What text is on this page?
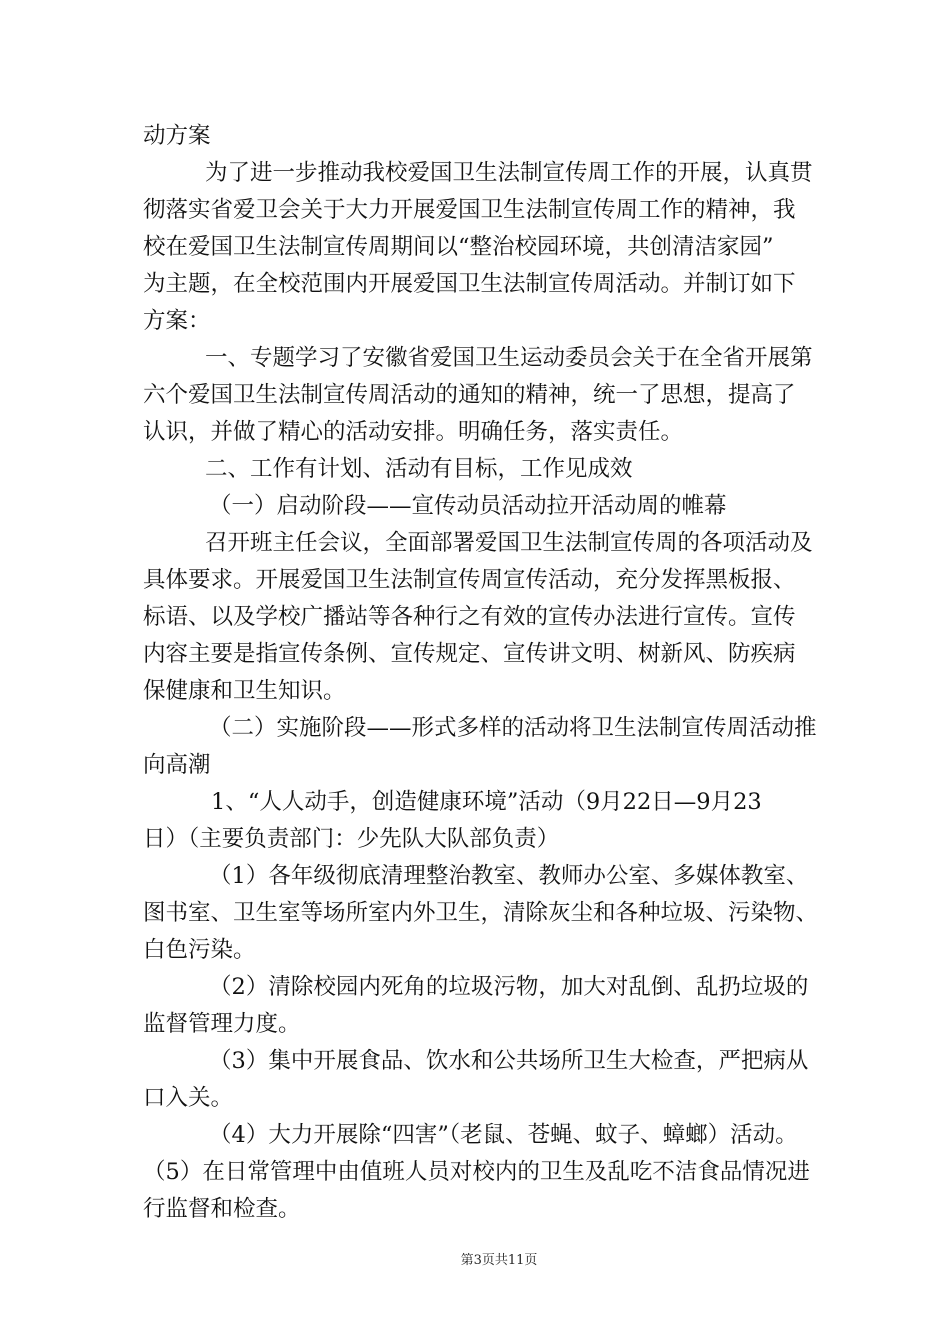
动方案
为了进一步推动我校爱国卫生法制宣传周工作的开展，认真贯
彻落实省爱卫会关于大力开展爱国卫生法制宣传周工作的精神，我
校在爱国卫生法制宣传周期间以“整治校园环境，共创清洁家园”
为主题，在全校范围内开展爱国卫生法制宣传周活动。并制订如下
方案：
一、专题学习了安徽省爱国卫生运动委员会关于在全省开展第
六个爱国卫生法制宣传周活动的通知的精神，统一了思想，提高了
认识，并做了精心的活动安排。明确任务，落实责任。
二、工作有计划、活动有目标，工作见成效
（一）启动阶段——宣传动员活动拉开活动周的帷幕
召开班主任会议，全面部署爱国卫生法制宣传周的各项活动及
具体要求。开展爱国卫生法制宣传周宣传活动，充分发挥黑板报、
标语、以及学校广播站等各种行之有效的宣传办法进行宣传。宣传
内容主要是指宣传条例、宣传规定、宣传讲文明、树新风、防疾病
保健康和卫生知识。
（二）实施阶段——形式多样的活动将卫生法制宣传周活动推
向高潮
1、“人人动手，创造健康环境”活动（9月22日—9月23
日）（主要负责部门：少先队大队部负责）
（1）各年级彻底清理整治教室、教师办公室、多媒体教室、
图书室、卫生室等场所室内外卫生，清除灰尘和各种垃圾、污染物、
白色污染。
（2）清除校园内死角的垃圾污物，加大对乱倒、乱扔垃圾的
监督管理力度。
（3）集中开展食品、饮水和公共场所卫生大检查，严把病从
口入关。
（4）大力开展除“四害”（老鼠、苍蝇、蚊子、蟑螂）活动。
（5）在日常管理中由值班人员对校内的卫生及乱吃不洁食品情况进
行监督和检查。
第3页共11页
